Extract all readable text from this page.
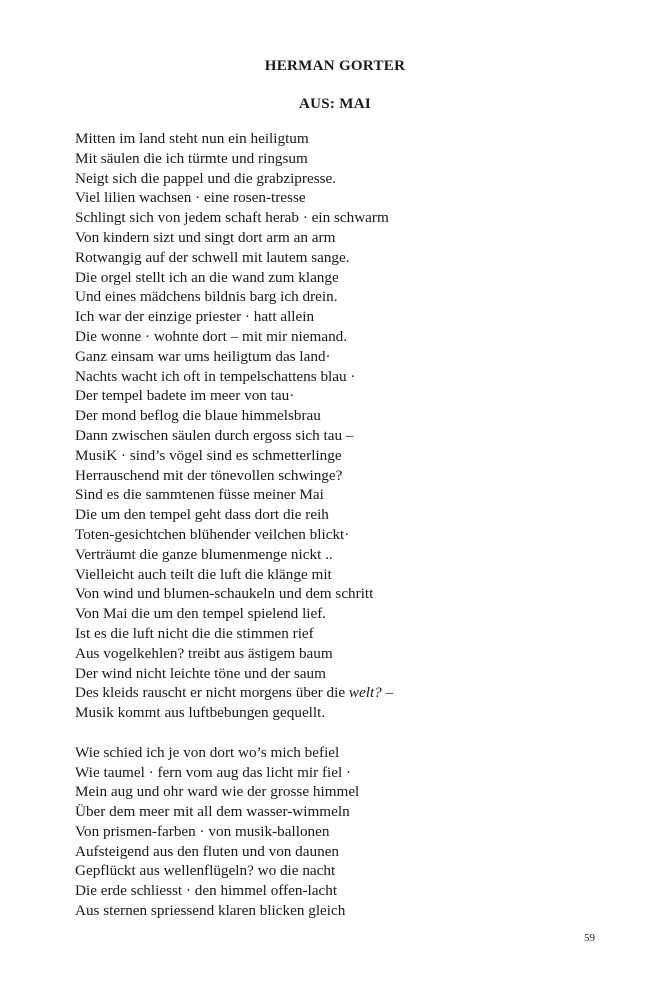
HERMAN GORTER
AUS: MAI
Mitten im land steht nun ein heiligtum
Mit säulen die ich türmte und ringsum
Neigt sich die pappel und die grabzipresse.
Viel lilien wachsen · eine rosen-tresse
Schlingt sich von jedem schaft herab · ein schwarm
Von kindern sizt und singt dort arm an arm
Rotwangig auf der schwell mit lautem sange.
Die orgel stellt ich an die wand zum klange
Und eines mädchens bildnis barg ich drein.
Ich war der einzige priester · hatt allein
Die wonne · wohnte dort – mit mir niemand.
Ganz einsam war ums heiligtum das land·
Nachts wacht ich oft in tempelschattens blau ·
Der tempel badete im meer von tau·
Der mond beflog die blaue himmelsbrau
Dann zwischen säulen durch ergoss sich tau –
MusiK · sind’s vögel sind es schmetterlinge
Herrauschend mit der tönevollen schwinge?
Sind es die sammtenen füsse meiner Mai
Die um den tempel geht dass dort die reih
Toten-gesichtchen blühender veilchen blickt·
Verträumt die ganze blumenmenge nickt ..
Vielleicht auch teilt die luft die klänge mit
Von wind und blumen-schaukeln und dem schritt
Von Mai die um den tempel spielend lief.
Ist es die luft nicht die die stimmen rief
Aus vogelkehlen? treibt aus ästigem baum
Der wind nicht leichte töne und der saum
Des kleids rauscht er nicht morgens über die welt? –
Musik kommt aus luftbebungen gequellt.
Wie schied ich je von dort wo’s mich befiel
Wie taumel · fern vom aug das licht mir fiel ·
Mein aug und ohr ward wie der grosse himmel
Über dem meer mit all dem wasser-wimmeln
Von prismen-farben · von musik-ballonen
Aufsteigend aus den fluten und von daunen
Gepflückt aus wellenflügeln? wo die nacht
Die erde schliesst · den himmel offen-lacht
Aus sternen spriessend klaren blicken gleich
59
